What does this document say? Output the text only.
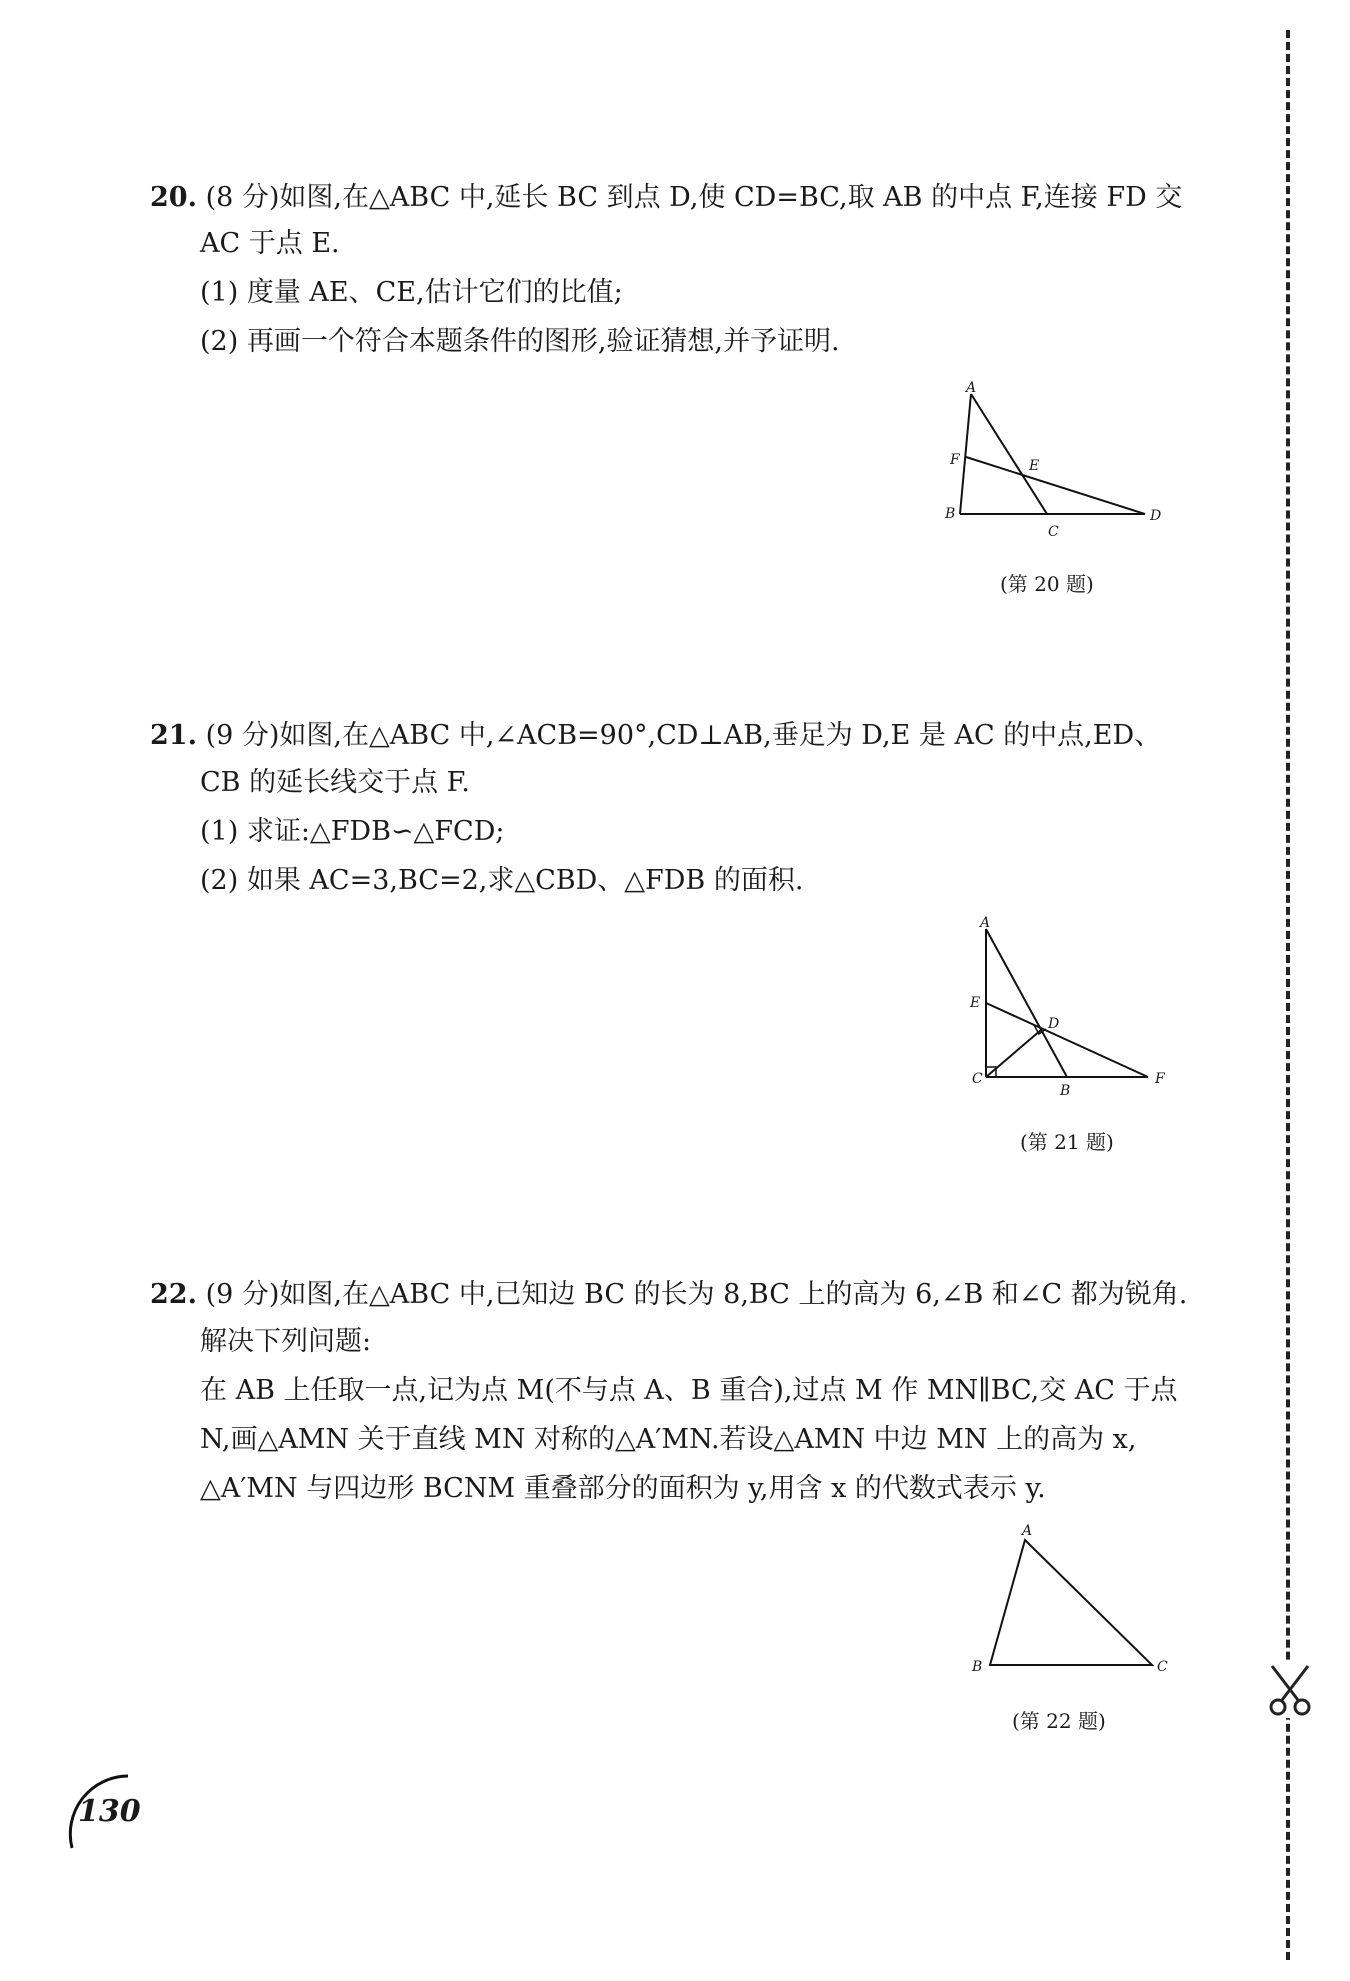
20. (8 分)如图,在△ABC 中,延长 BC 到点 D,使 CD=BC,取 AB 的中点 F,连接 FD 交
AC 于点 E.
(1) 度量 AE、CE,估计它们的比值;
(2) 再画一个符合本题条件的图形,验证猜想,并予证明.
A
F	E
B
C
D
(第 20 题)
21. (9 分)如图,在△ABC 中,∠ACB=90°,CD⊥AB,垂足为 D,E 是 AC 的中点,ED、
CB 的延长线交于点 F.
(1) 求证:△FDB∽△FCD;
(2) 如果 AC=3,BC=2,求△CBD、△FDB 的面积.
A
E
D
C
B
F
(第 21 题)
22. (9 分)如图,在△ABC 中,已知边 BC 的长为 8,BC 上的高为 6,∠B 和∠C 都为锐角.
解决下列问题:
在 AB 上任取一点,记为点 M(不与点 A、B 重合),过点 M 作 MN∥BC,交 AC 于点
N,画△AMN 关于直线 MN 对称的△A′MN.若设△AMN 中边 MN 上的高为 x,
△A′MN 与四边形 BCNM 重叠部分的面积为 y,用含 x 的代数式表示 y.
A
B	C
(第 22 题)
130
